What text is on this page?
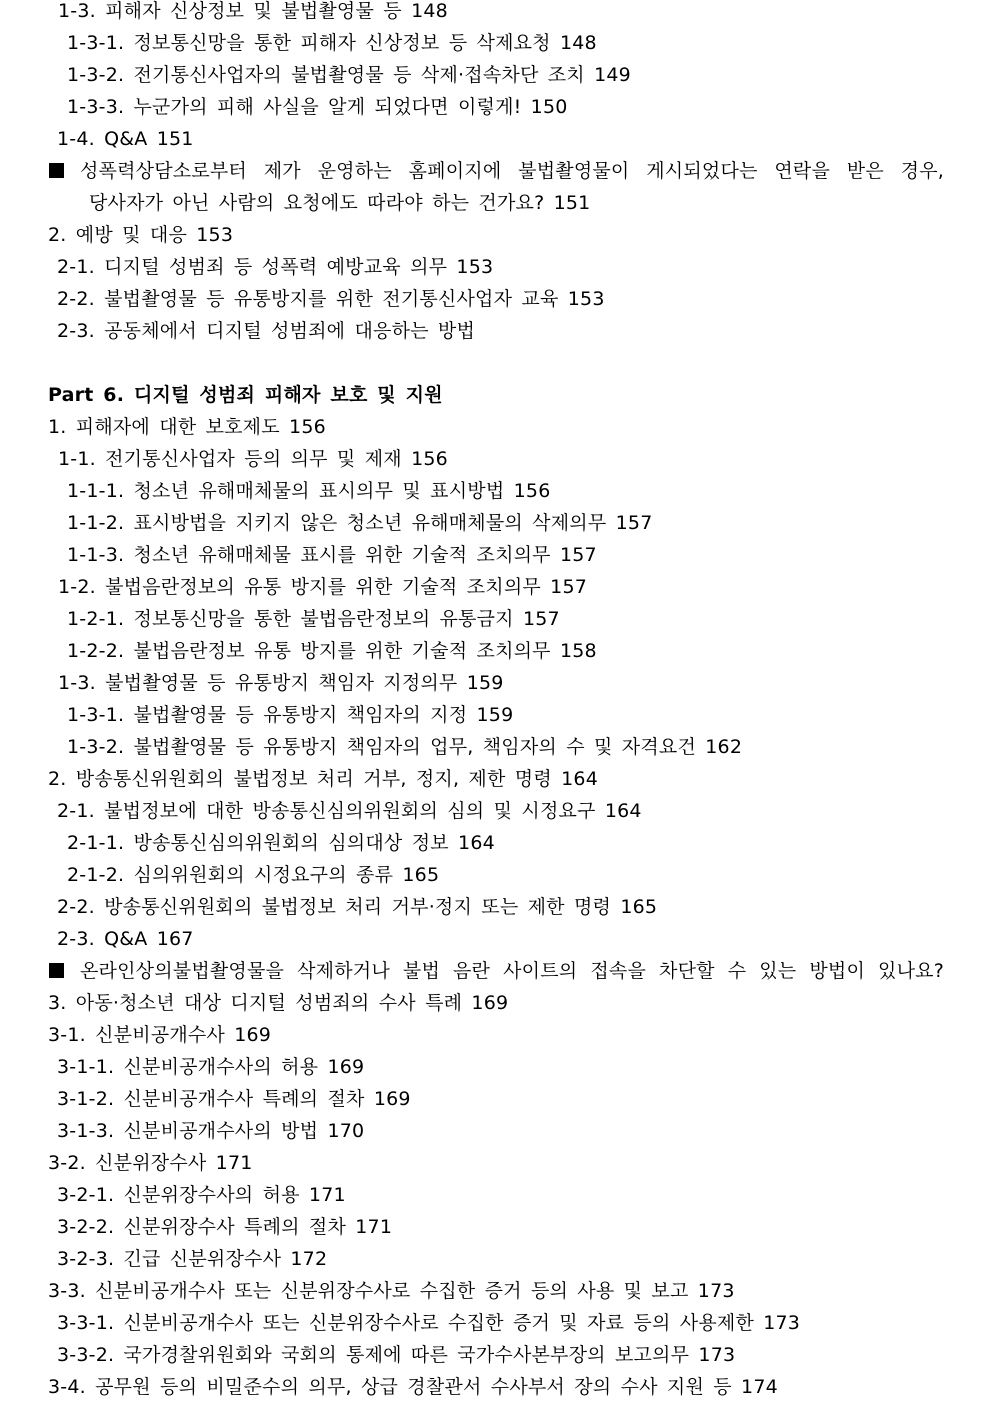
1-3. 피해자 신상정보 및 불법촬영물 등 148
1-3-1. 정보통신망을 통한 피해자 신상정보 등 삭제요청 148
1-3-2. 전기통신사업자의 불법촬영물 등 삭제·접속차단 조치 149
1-3-3. 누군가의 피해 사실을 알게 되었다면 이렇게! 150
1-4. Q&A 151
성폭력상담소로부터 제가 운영하는 홈페이지에 불법촬영물이 게시되었다는 연락을 받은 경우,
당사자가 아닌 사람의 요청에도 따라야 하는 건가요? 151
2. 예방 및 대응 153
2-1. 디지털 성범죄 등 성폭력 예방교육 의무 153
2-2. 불법촬영물 등 유통방지를 위한 전기통신사업자 교육 153
2-3. 공동체에서 디지털 성범죄에 대응하는 방법
Part 6. 디지털 성범죄 피해자 보호 및 지원
1. 피해자에 대한 보호제도 156
1-1. 전기통신사업자 등의 의무 및 제재 156
1-1-1. 청소년 유해매체물의 표시의무 및 표시방법 156
1-1-2. 표시방법을 지키지 않은 청소년 유해매체물의 삭제의무 157
1-1-3. 청소년 유해매체물 표시를 위한 기술적 조치의무 157
1-2. 불법음란정보의 유통 방지를 위한 기술적 조치의무 157
1-2-1. 정보통신망을 통한 불법음란정보의 유통금지 157
1-2-2. 불법음란정보 유통 방지를 위한 기술적 조치의무 158
1-3. 불법촬영물 등 유통방지 책임자 지정의무 159
1-3-1. 불법촬영물 등 유통방지 책임자의 지정 159
1-3-2. 불법촬영물 등 유통방지 책임자의 업무, 책임자의 수 및 자격요건 162
2. 방송통신위원회의 불법정보 처리 거부, 정지, 제한 명령 164
2-1. 불법정보에 대한 방송통신심의위원회의 심의 및 시정요구 164
2-1-1. 방송통신심의위원회의 심의대상 정보 164
2-1-2. 심의위원회의 시정요구의 종류 165
2-2. 방송통신위원회의 불법정보 처리 거부·정지 또는 제한 명령 165
2-3. Q&A 167
온라인상의불법촬영물을 삭제하거나 불법 음란 사이트의 접속을 차단할 수 있는 방법이 있나요?
3. 아동·청소년 대상 디지털 성범죄의 수사 특례 169
3-1. 신분비공개수사 169
3-1-1. 신분비공개수사의 허용 169
3-1-2. 신분비공개수사 특례의 절차 169
3-1-3. 신분비공개수사의 방법 170
3-2. 신분위장수사 171
3-2-1. 신분위장수사의 허용 171
3-2-2. 신분위장수사 특례의 절차 171
3-2-3. 긴급 신분위장수사 172
3-3. 신분비공개수사 또는 신분위장수사로 수집한 증거 등의 사용 및 보고 173
3-3-1. 신분비공개수사 또는 신분위장수사로 수집한 증거 및 자료 등의 사용제한 173
3-3-2. 국가경찰위원회와 국회의 통제에 따른 국가수사본부장의 보고의무 173
3-4. 공무원 등의 비밀준수의 의무, 상급 경찰관서 수사부서 장의 수사 지원 등 174
